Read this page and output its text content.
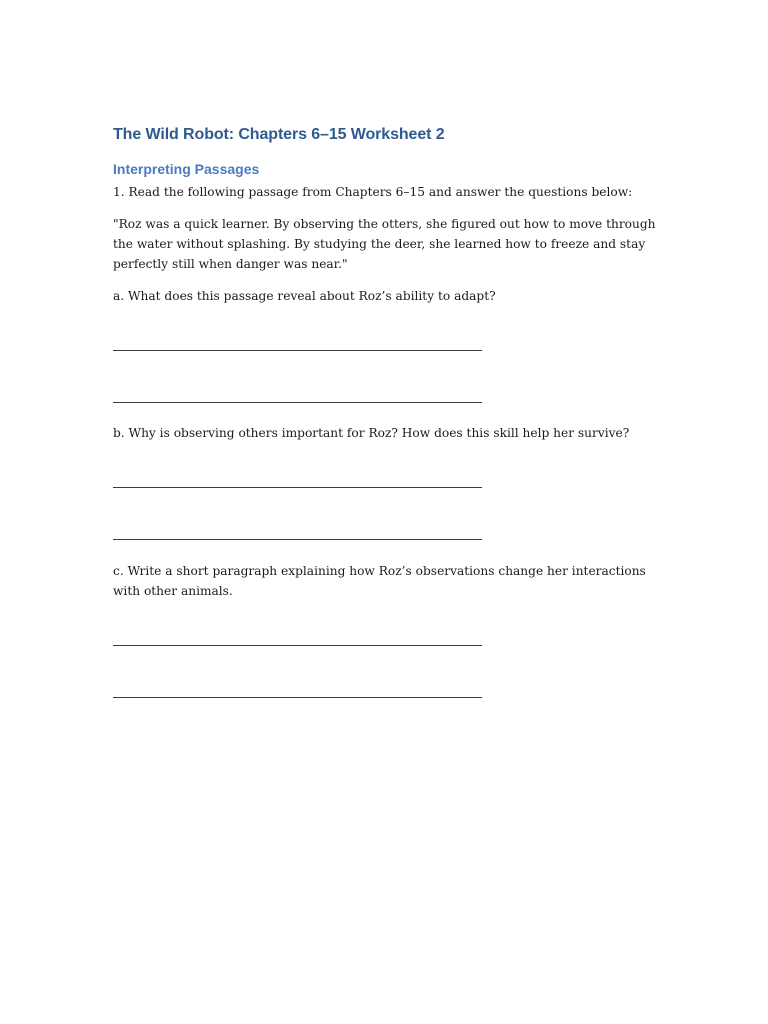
The Wild Robot: Chapters 6–15 Worksheet 2
Interpreting Passages

1. Read the following passage from Chapters 6–15 and answer the questions below:

"Roz was a quick learner. By observing the otters, she figured out how to move through the water without splashing. By studying the deer, she learned how to freeze and stay perfectly still when danger was near."

a. What does this passage reveal about Roz’s ability to adapt?

b. Why is observing others important for Roz? How does this skill help her survive?

c. Write a short paragraph explaining how Roz’s observations change her interactions with other animals.
